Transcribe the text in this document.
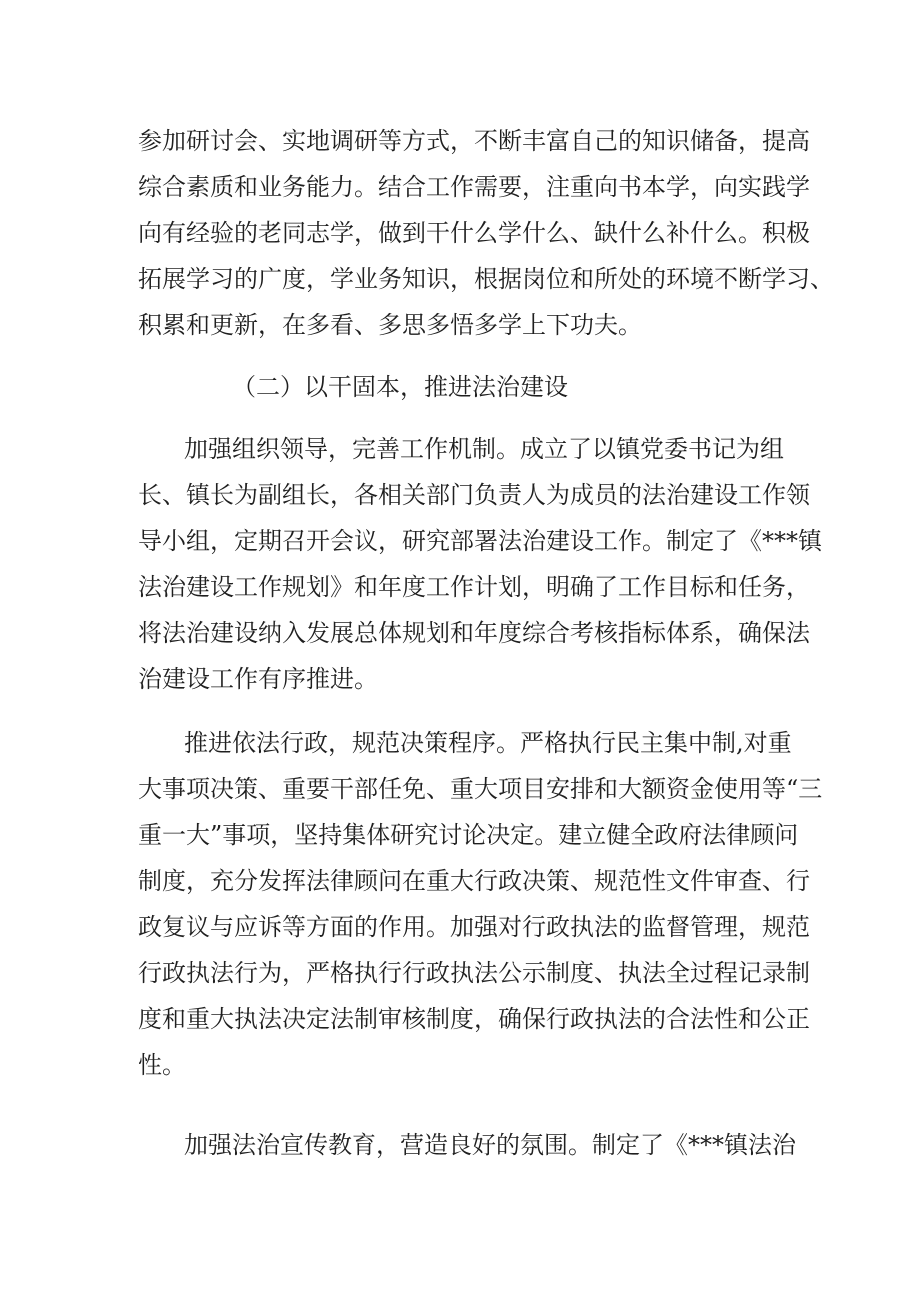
参加研讨会、实地调研等方式，不断丰富自己的知识储备，提高
综合素质和业务能力。结合工作需要，注重向书本学，向实践学
向有经验的老同志学，做到干什么学什么、缺什么补什么。积极
拓展学习的广度，学业务知识，根据岗位和所处的环境不断学习、
积累和更新，在多看、多思多悟多学上下功夫。
（二）以干固本，推进法治建设
加强组织领导，完善工作机制。成立了以镇党委书记为组
长、镇长为副组长，各相关部门负责人为成员的法治建设工作领
导小组，定期召开会议，研究部署法治建设工作。制定了《***镇
法治建设工作规划》和年度工作计划，明确了工作目标和任务，
将法治建设纳入发展总体规划和年度综合考核指标体系，确保法
治建设工作有序推进。
推进依法行政，规范决策程序。严格执行民主集中制,对重
大事项决策、重要干部任免、重大项目安排和大额资金使用等“三
重一大”事项，坚持集体研究讨论决定。建立健全政府法律顾问
制度，充分发挥法律顾问在重大行政决策、规范性文件审查、行
政复议与应诉等方面的作用。加强对行政执法的监督管理，规范
行政执法行为，严格执行行政执法公示制度、执法全过程记录制
度和重大执法决定法制审核制度，确保行政执法的合法性和公正
性。
加强法治宣传教育，营造良好的氛围。制定了《***镇法治
